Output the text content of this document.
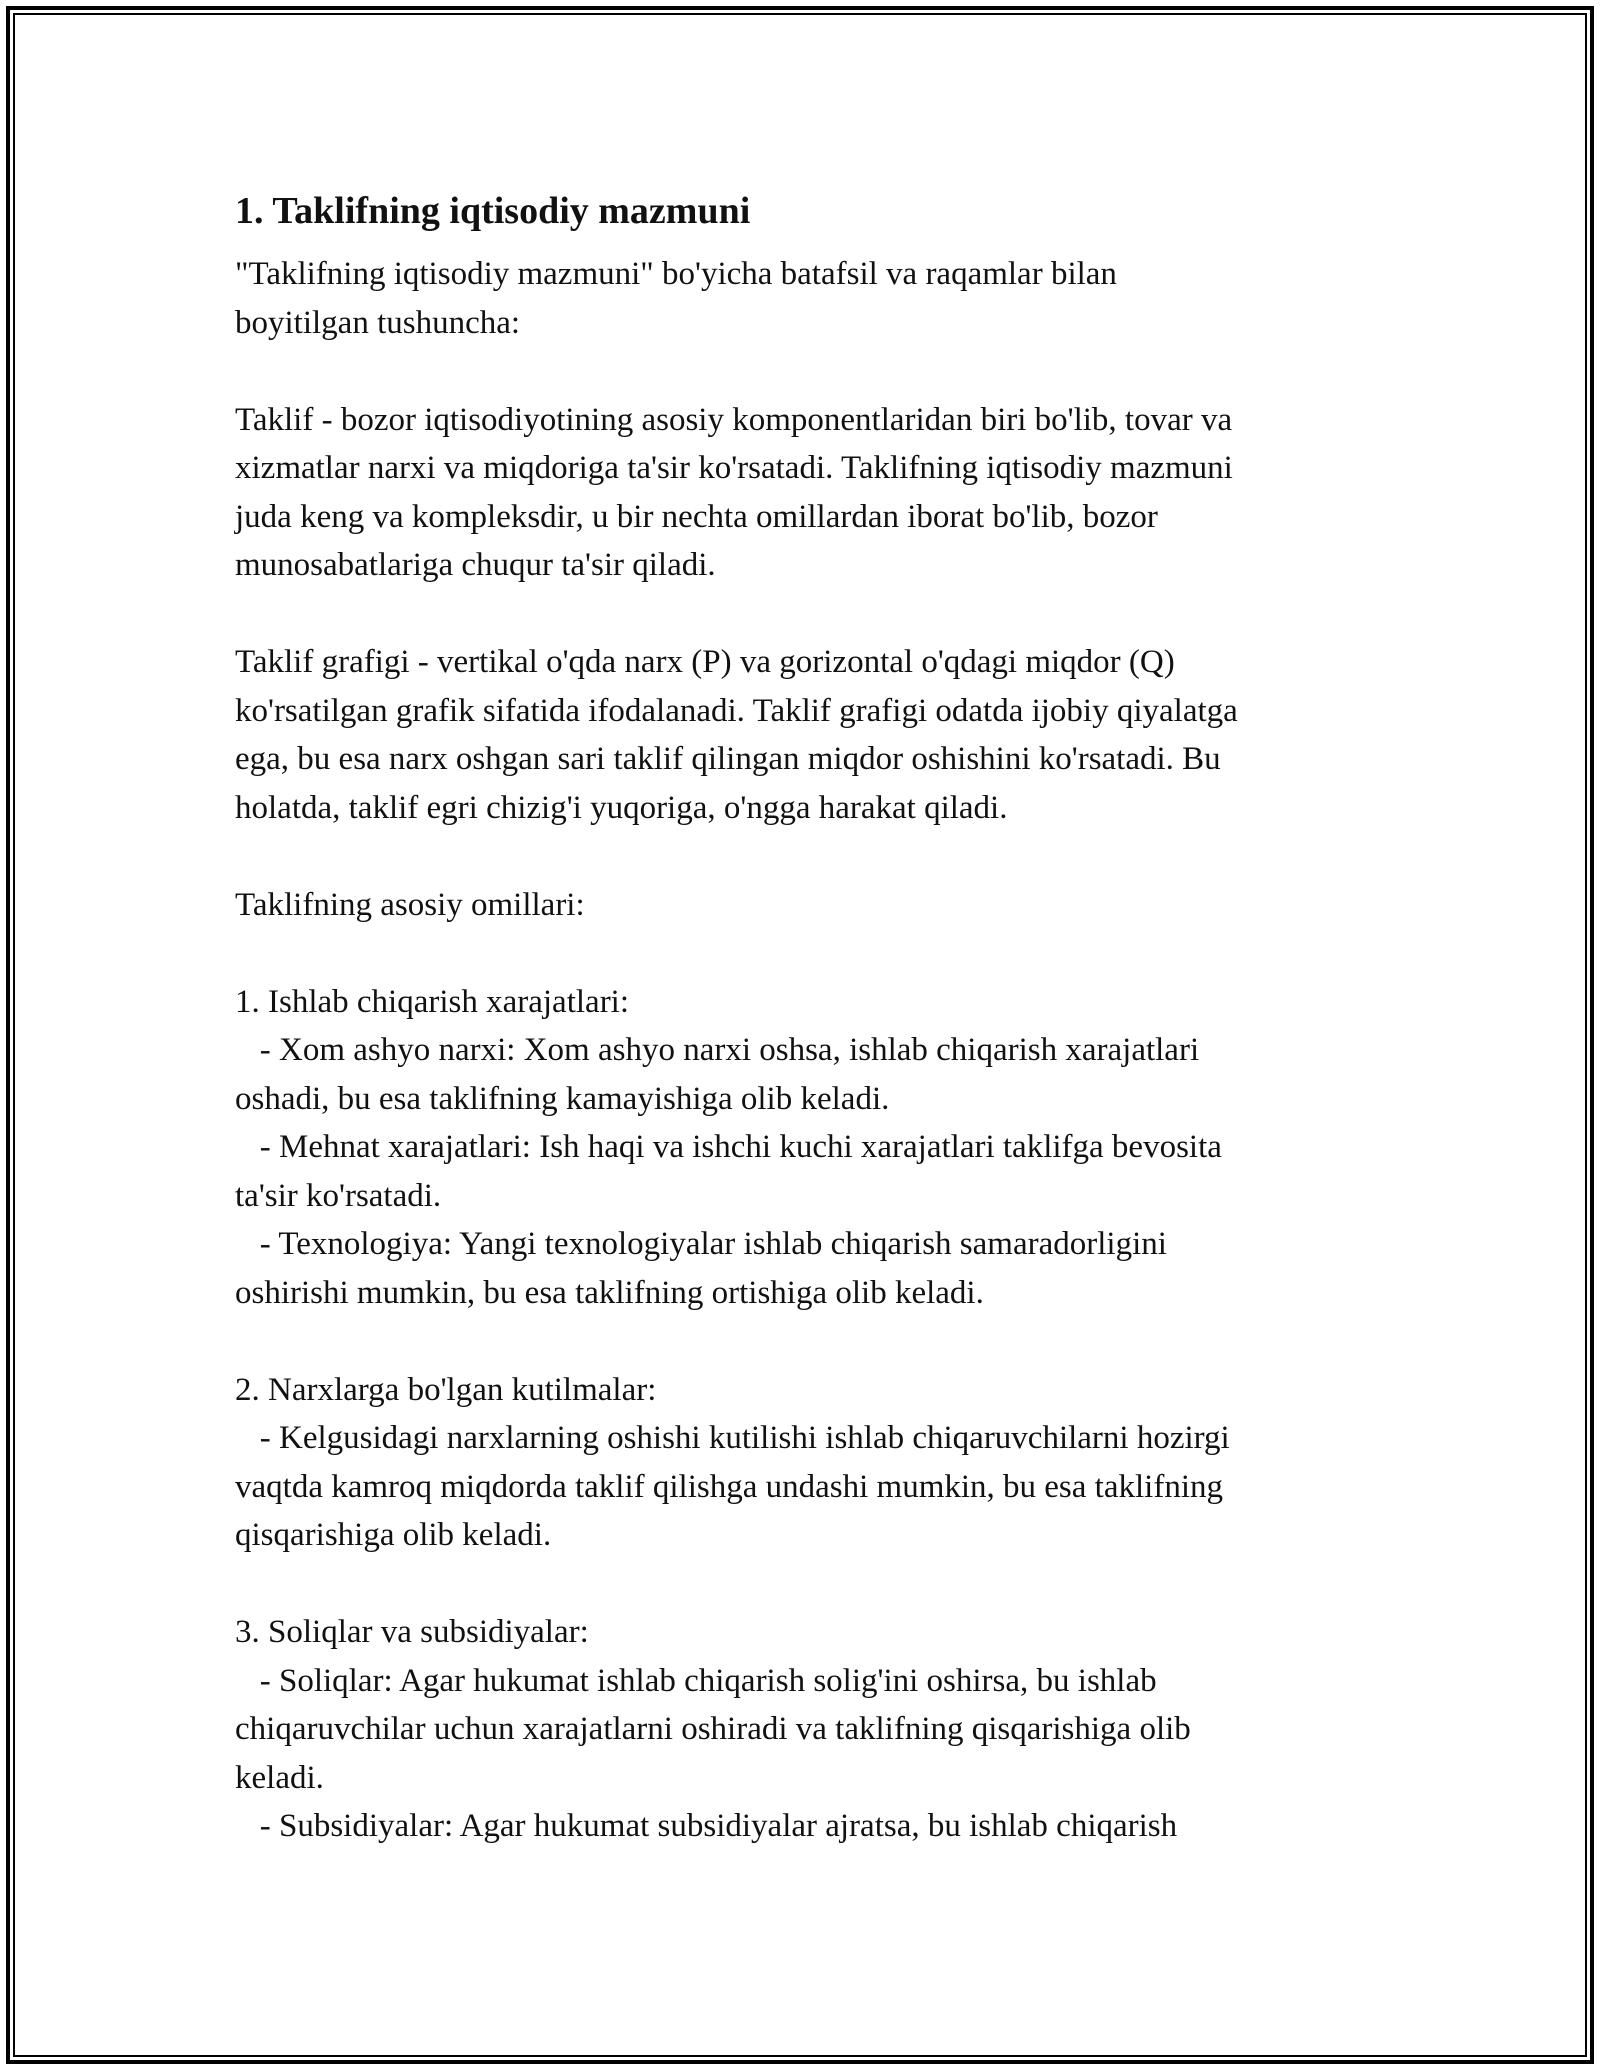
1. Taklifning iqtisodiy mazmuni

"Taklifning iqtisodiy mazmuni" bo'yicha batafsil va raqamlar bilan
boyitilgan tushuncha:

Taklif - bozor iqtisodiyotining asosiy komponentlaridan biri bo'lib, tovar va
xizmatlar narxi va miqdoriga ta'sir ko'rsatadi. Taklifning iqtisodiy mazmuni
juda keng va kompleksdir, u bir nechta omillardan iborat bo'lib, bozor
munosabatlariga chuqur ta'sir qiladi.

Taklif grafigi - vertikal o'qda narx (P) va gorizontal o'qdagi miqdor (Q)
ko'rsatilgan grafik sifatida ifodalanadi. Taklif grafigi odatda ijobiy qiyalatga
ega, bu esa narx oshgan sari taklif qilingan miqdor oshishini ko'rsatadi. Bu
holatda, taklif egri chizig'i yuqoriga, o'ngga harakat qiladi.

Taklifning asosiy omillari:

1. Ishlab chiqarish xarajatlari:

- Xom ashyo narxi: Xom ashyo narxi oshsa, ishlab chiqarish xarajatlari
oshadi, bu esa taklifning kamayishiga olib keladi.

- Mehnat xarajatlari: Ish haqi va ishchi kuchi xarajatlari taklifga bevosita
ta'sir ko'rsatadi.

- Texnologiya: Yangi texnologiyalar ishlab chiqarish samaradorligini
oshirishi mumkin, bu esa taklifning ortishiga olib keladi.

2. Narxlarga bo'lgan kutilmalar:

- Kelgusidagi narxlarning oshishi kutilishi ishlab chiqaruvchilarni hozirgi
vaqtda kamroq miqdorda taklif qilishga undashi mumkin, bu esa taklifning
qisqarishiga olib keladi.

3. Soliqlar va subsidiyalar:

- Soliqlar: Agar hukumat ishlab chiqarish solig'ini oshirsa, bu ishlab
chiqaruvchilar uchun xarajatlarni oshiradi va taklifning qisqarishiga olib
keladi.

- Subsidiyalar: Agar hukumat subsidiyalar ajratsa, bu ishlab chiqarish
